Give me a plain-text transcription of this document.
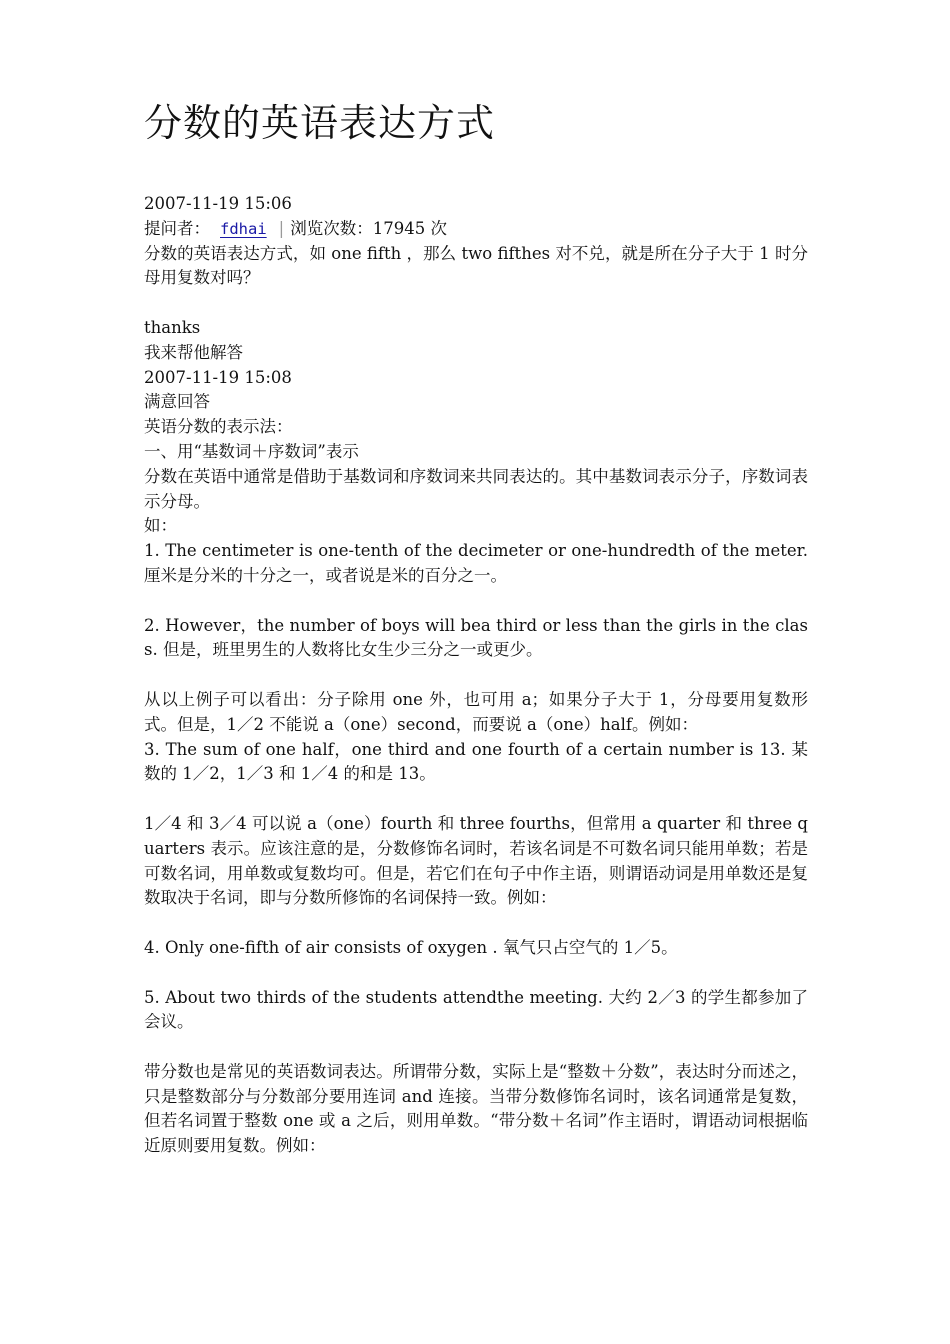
分数的英语表达方式

2007-11-19 15:06

提问者： fdhai | 浏览次数：17945 次

分数的英语表达方式，如 one fifth ，那么 two fifthes 对不兑，就是所在分子大于 1 时分母用复数对吗？

thanks

我来帮他解答

2007-11-19 15:08

满意回答

英语分数的表示法：

一、用“基数词＋序数词”表示

分数在英语中通常是借助于基数词和序数词来共同表达的。其中基数词表示分子，序数词表示分母。

如：

1. The centimeter is one-tenth of the decimeter or one-hundredth of the meter. 厘米是分米的十分之一，或者说是米的百分之一。

2. However，the number of boys will bea third or less than the girls in the class. 但是，班里男生的人数将比女生少三分之一或更少。

从以上例子可以看出：分子除用 one 外，也可用 a；如果分子大于 1，分母要用复数形式。但是，1／2 不能说 a（one）second，而要说 a（one）half。例如：

3. The sum of one half，one third and one fourth of a certain number is 13. 某数的 1／2，1／3 和 1／4 的和是 13。

1／4 和 3／4 可以说 a（one）fourth 和 three fourths，但常用 a quarter 和 three quarters 表示。应该注意的是，分数修饰名词时，若该名词是不可数名词只能用单数；若是可数名词，用单数或复数均可。但是，若它们在句子中作主语，则谓语动词是用单数还是复数取决于名词，即与分数所修饰的名词保持一致。例如：

4. Only one-fifth of air consists of oxygen . 氧气只占空气的 1／5。

5. About two thirds of the students attendthe meeting. 大约 2／3 的学生都参加了会议。

带分数也是常见的英语数词表达。所谓带分数，实际上是“整数＋分数”，表达时分而述之，只是整数部分与分数部分要用连词 and 连接。当带分数修饰名词时，该名词通常是复数，但若名词置于整数 one 或 a 之后，则用单数。“带分数＋名词”作主语时，谓语动词根据临近原则要用复数。例如：
